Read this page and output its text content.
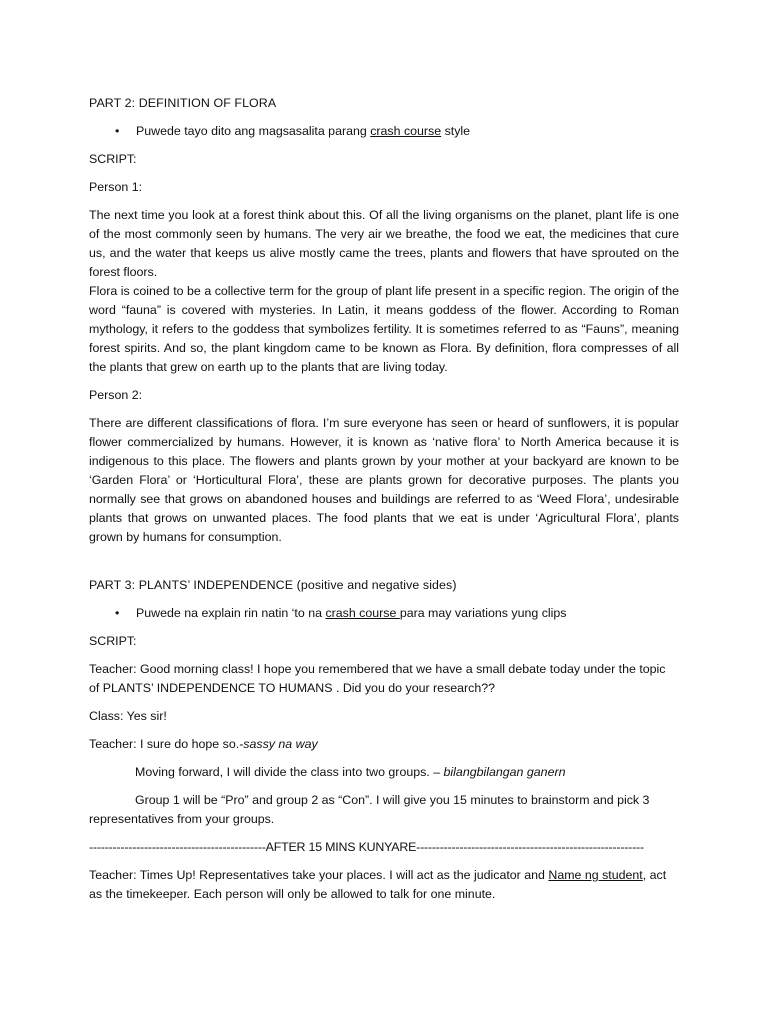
PART 2: DEFINITION OF FLORA

•	Puwede tayo dito ang magsasalita parang crash course style

SCRIPT:

Person 1:

The next time you look at a forest think about this. Of all the living organisms on the planet, plant life is one of the most commonly seen by humans. The very air we breathe, the food we eat, the medicines that cure us, and the water that keeps us alive mostly came the trees, plants and flowers that have sprouted on the forest floors.

Flora is coined to be a collective term for the group of plant life present in a specific region. The origin of the word “fauna” is covered with mysteries. In Latin, it means goddess of the flower. According to Roman mythology, it refers to the goddess that symbolizes fertility. It is sometimes referred to as “Fauns”, meaning forest spirits. And so, the plant kingdom came to be known as Flora. By definition, flora compresses of all the plants that grew on earth up to the plants that are living today.

Person 2:

There are different classifications of flora. I’m sure everyone has seen or heard of sunflowers, it is popular flower commercialized by humans. However, it is known as ‘native flora’ to North America because it is indigenous to this place. The flowers and plants grown by your mother at your backyard are known to be ‘Garden Flora’ or ‘Horticultural Flora’, these are plants grown for decorative purposes. The plants you normally see that grows on abandoned houses and buildings are referred to as ‘Weed Flora’, undesirable plants that grows on unwanted places. The food plants that we eat is under ‘Agricultural Flora’, plants grown by humans for consumption.

PART 3: PLANTS’ INDEPENDENCE (positive and negative sides)

•	Puwede na explain rin natin ‘to na crash course para may variations yung clips

SCRIPT:

Teacher: Good morning class! I hope you remembered that we have a small debate today under the topic of PLANTS’ INDEPENDENCE TO HUMANS . Did you do your research??

Class: Yes sir!

Teacher: I sure do hope so.-sassy na way

Moving forward, I will divide the class into two groups. – bilangbilangan ganern

Group 1 will be “Pro” and group 2 as “Con”. I will give you 15 minutes to brainstorm and pick 3 representatives from your groups.

---------------------------------------------AFTER 15 MINS KUNYARE----------------------------------------------------------

Teacher: Times Up! Representatives take your places. I will act as the judicator and Name ng student, act as the timekeeper. Each person will only be allowed to talk for one minute.
